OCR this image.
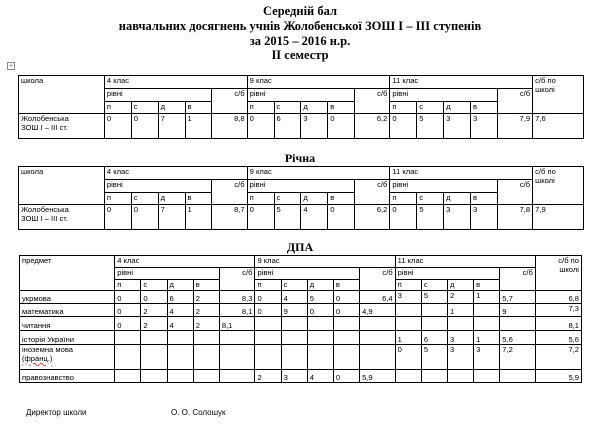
Середній бал
навчальних досягнень учнів Жолобенської ЗОШ І – ІІІ ступенів
за 2015 – 2016 н.р.
ІІ семестр
+
школа	4 клас					9 клас					11 клас					с/б по
школі
	рівні				с/б	рівні				с/б	рівні				с/б	
	п	с	д	в		п	с	д	в		п	с	д	в		
Жолобенська
ЗОШ І – ІІІ ст.	0	0	7	1	8,8	0	6	3	0	6,2	0	5	3	3	7,9	7,6
Річна
школа	4 клас					9 клас					11 клас					с/б по
школі
	рівні				с/б	рівні				с/б	рівні				с/б	
	п	с	д	в		п	с	д	в		п	с	д	в		
Жолобенська
ЗОШ І – ІІІ ст.	0	0	7	1	8,7	0	5	4	0	6,2	0	5	3	3	7,8	7,9
ДПА
предмет	4 клас					9 клас					11 клас					с/б по
школі
	рівні				с/б	рівні				с/б	рівні				с/б	
	п	с	д	в		п	с	д	в		п	с	д	в		
укрмова	0	0	6	2	8,3	0	4	5	0	6,4	3	5	2	1	5,7	6,8
математика	0	2	4	2	8,1	0	9	0	0	4,9			1		9	7,3
читання	0	2	4	2	8,1											8,1
історія України											1	6	3	1	5,6	5,6
іноземна мова
(франц.)											0	5	3	3	7,2	7,2
правознавство						2	3	4	0	5,9						5,9
Директор школи	О. О. Солошук
